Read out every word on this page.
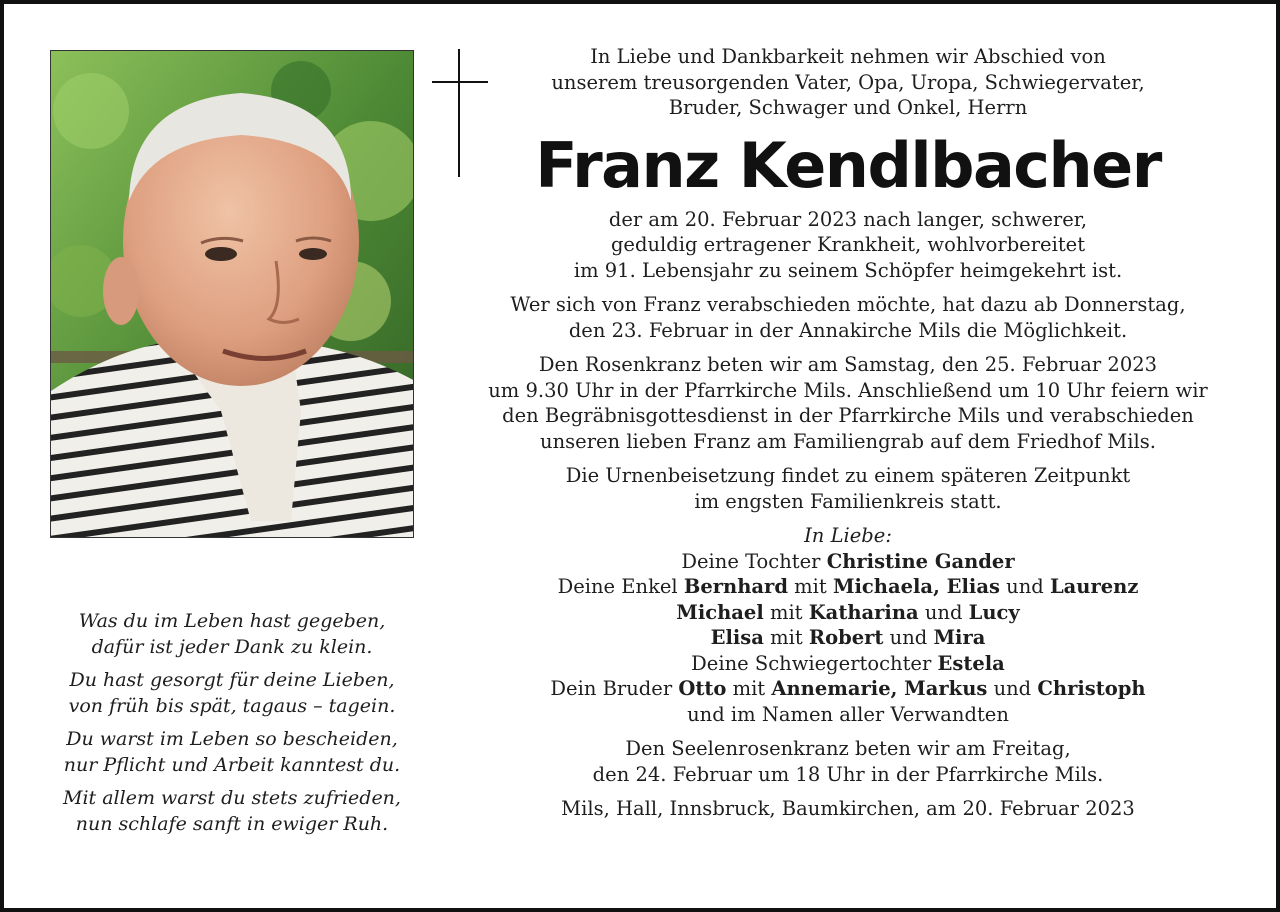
In Liebe und Dankbarkeit nehmen wir Abschied von
unserem treusorgenden Vater, Opa, Uropa, Schwiegervater,
Bruder, Schwager und Onkel, Herrn

Franz Kendlbacher

der am 20. Februar 2023 nach langer, schwerer,
geduldig ertragener Krankheit, wohlvorbereitet
im 91. Lebensjahr zu seinem Schöpfer heimgekehrt ist.

Wer sich von Franz verabschieden möchte, hat dazu ab Donnerstag,
den 23. Februar in der Annakirche Mils die Möglichkeit.

Den Rosenkranz beten wir am Samstag, den 25. Februar 2023
um 9.30 Uhr in der Pfarrkirche Mils. Anschließend um 10 Uhr feiern wir
den Begräbnisgottesdienst in der Pfarrkirche Mils und verabschieden
unseren lieben Franz am Familiengrab auf dem Friedhof Mils.

Die Urnenbeisetzung findet zu einem späteren Zeitpunkt
im engsten Familienkreis statt.

In Liebe:

Deine Tochter Christine Gander
Deine Enkel Bernhard mit Michaela, Elias und Laurenz
Michael mit Katharina und Lucy
Elisa mit Robert und Mira
Deine Schwiegertochter Estela
Dein Bruder Otto mit Annemarie, Markus und Christoph
und im Namen aller Verwandten

Den Seelenrosenkranz beten wir am Freitag,
den 24. Februar um 18 Uhr in der Pfarrkirche Mils.

Mils, Hall, Innsbruck, Baumkirchen, am 20. Februar 2023

Was du im Leben hast gegeben,
dafür ist jeder Dank zu klein.

Du hast gesorgt für deine Lieben,
von früh bis spät, tagaus – tagein.

Du warst im Leben so bescheiden,
nur Pflicht und Arbeit kanntest du.

Mit allem warst du stets zufrieden,
nun schlafe sanft in ewiger Ruh.
